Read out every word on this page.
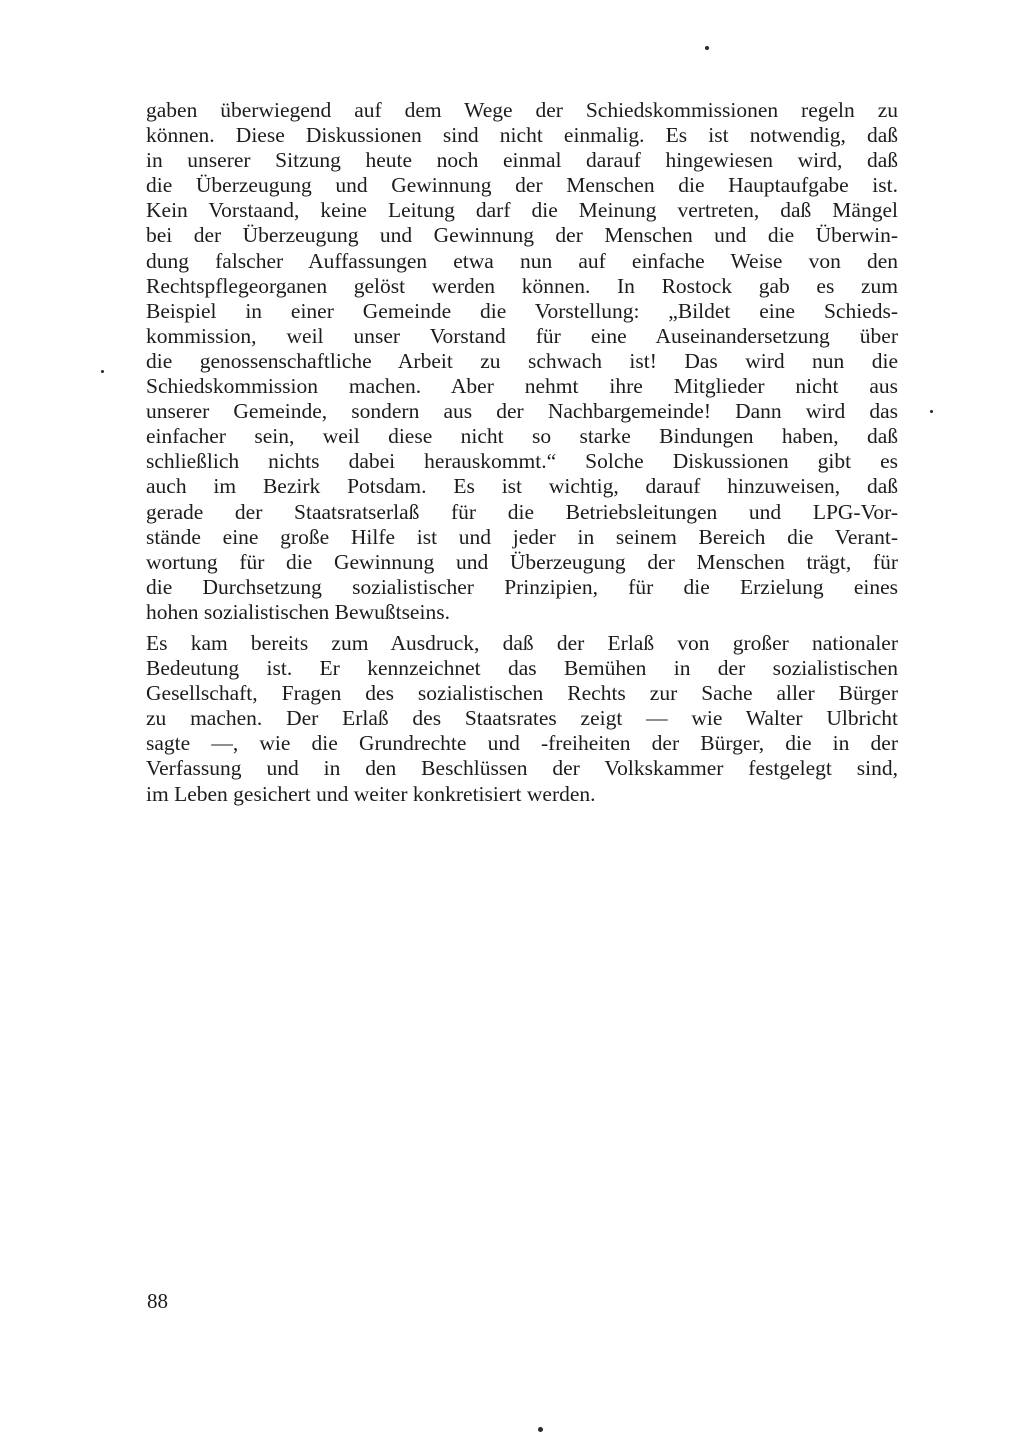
gaben überwiegend auf dem Wege der Schiedskommissionen regeln zu
können. Diese Diskussionen sind nicht einmalig. Es ist notwendig, daß
in unserer Sitzung heute noch einmal darauf hingewiesen wird, daß
die Überzeugung und Gewinnung der Menschen die Hauptaufgabe ist.
Kein Vorstaand, keine Leitung darf die Meinung vertreten, daß Mängel
bei der Überzeugung und Gewinnung der Menschen und die Überwin-
dung falscher Auffassungen etwa nun auf einfache Weise von den
Rechtspflegeorganen gelöst werden können. In Rostock gab es zum
Beispiel in einer Gemeinde die Vorstellung: „Bildet eine Schieds-
kommission, weil unser Vorstand für eine Auseinandersetzung über
die genossenschaftliche Arbeit zu schwach ist! Das wird nun die
Schiedskommission machen. Aber nehmt ihre Mitglieder nicht aus
unserer Gemeinde, sondern aus der Nachbargemeinde! Dann wird das
einfacher sein, weil diese nicht so starke Bindungen haben, daß
schließlich nichts dabei herauskommt.“ Solche Diskussionen gibt es
auch im Bezirk Potsdam. Es ist wichtig, darauf hinzuweisen, daß
gerade der Staatsratserlaß für die Betriebsleitungen und LPG-Vor-
stände eine große Hilfe ist und jeder in seinem Bereich die Verant-
wortung für die Gewinnung und Überzeugung der Menschen trägt, für
die Durchsetzung sozialistischer Prinzipien, für die Erzielung eines
hohen sozialistischen Bewußtseins.
Es kam bereits zum Ausdruck, daß der Erlaß von großer nationaler
Bedeutung ist. Er kennzeichnet das Bemühen in der sozialistischen
Gesellschaft, Fragen des sozialistischen Rechts zur Sache aller Bürger
zu machen. Der Erlaß des Staatsrates zeigt — wie Walter Ulbricht
sagte —, wie die Grundrechte und -freiheiten der Bürger, die in der
Verfassung und in den Beschlüssen der Volkskammer festgelegt sind,
im Leben gesichert und weiter konkretisiert werden.
88
